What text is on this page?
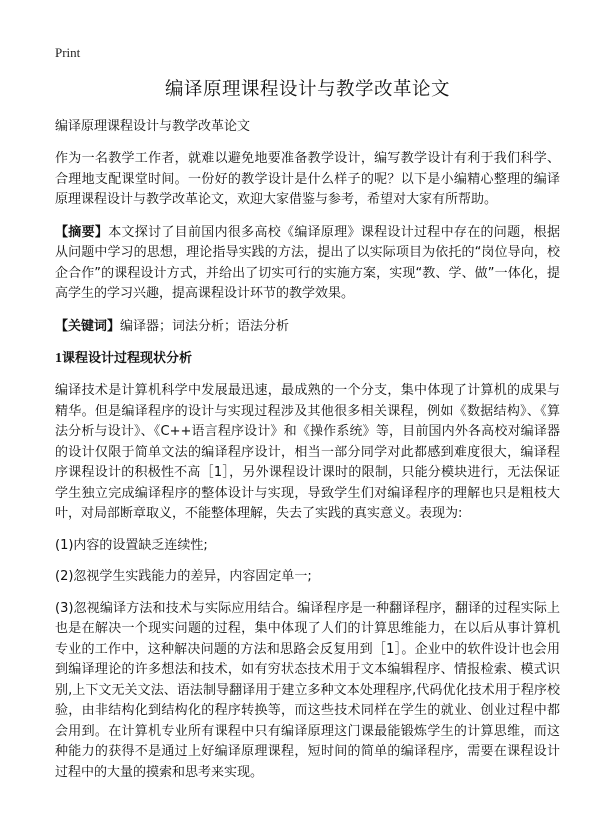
Print

编译原理课程设计与教学改革论文

编译原理课程设计与教学改革论文

作为一名教学工作者，就难以避免地要准备教学设计，编写教学设计有利于我们科学、合理地支配课堂时间。一份好的教学设计是什么样子的呢？以下是小编精心整理的编译原理课程设计与教学改革论文，欢迎大家借鉴与参考，希望对大家有所帮助。

【摘要】本文探讨了目前国内很多高校《编译原理》课程设计过程中存在的问题，根据从问题中学习的思想，理论指导实践的方法，提出了以实际项目为依托的“岗位导向，校企合作”的课程设计方式，并给出了切实可行的实施方案，实现“教、学、做”一体化，提高学生的学习兴趣，提高课程设计环节的教学效果。

【关键词】编译器；词法分析；语法分析

1课程设计过程现状分析

编译技术是计算机科学中发展最迅速，最成熟的一个分支，集中体现了计算机的成果与精华。但是编译程序的设计与实现过程涉及其他很多相关课程，例如《数据结构》、《算法分析与设计》、《C++语言程序设计》和《操作系统》等，目前国内外各高校对编译器的设计仅限于简单文法的编译程序设计，相当一部分同学对此都感到难度很大，编译程序课程设计的积极性不高［1］，另外课程设计课时的限制，只能分模块进行，无法保证学生独立完成编译程序的整体设计与实现，导致学生们对编译程序的理解也只是粗枝大叶，对局部断章取义，不能整体理解，失去了实践的真实意义。表现为:

(1)内容的设置缺乏连续性;

(2)忽视学生实践能力的差异，内容固定单一;

(3)忽视编译方法和技术与实际应用结合。编译程序是一种翻译程序，翻译的过程实际上也是在解决一个现实问题的过程，集中体现了人们的计算思维能力，在以后从事计算机专业的工作中，这种解决问题的方法和思路会反复用到［1］。企业中的软件设计也会用到编译理论的许多想法和技术，如有穷状态技术用于文本编辑程序、情报检索、模式识别,上下文无关文法、语法制导翻译用于建立多种文本处理程序,代码优化技术用于程序校验，由非结构化到结构化的程序转换等，而这些技术同样在学生的就业、创业过程中都会用到。在计算机专业所有课程中只有编译原理这门课最能锻炼学生的计算思维，而这种能力的获得不是通过上好编译原理课程，短时间的简单的编译程序，需要在课程设计过程中的大量的摸索和思考来实现。
